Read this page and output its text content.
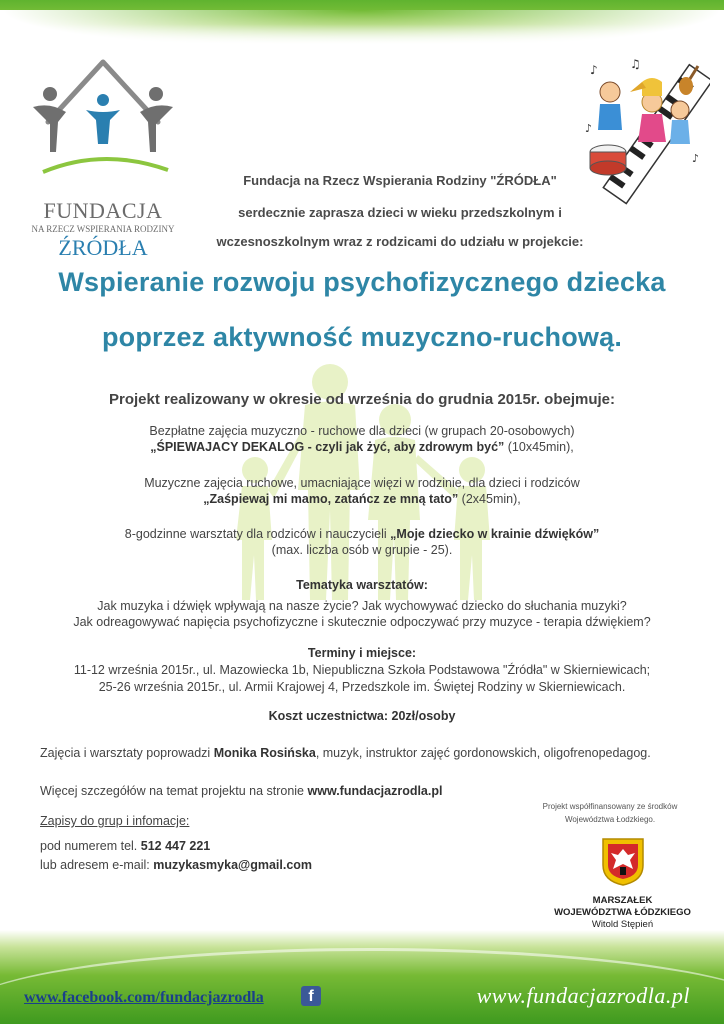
FUNDACJA
NA RZECZ WSPIERANIA RODZINY
ŹRÓDŁA
♪	♫
♪
♪
Fundacja na Rzecz Wspierania Rodziny "ŹRÓDŁA"
serdecznie zaprasza dzieci w wieku przedszkolnym i
wczesnoszkolnym wraz z rodzicami do udziału w projekcie:
Wspieranie rozwoju psychofizycznego dziecka
poprzez aktywność muzyczno-ruchową.
Projekt realizowany w okresie od września do grudnia 2015r. obejmuje:
Bezpłatne zajęcia muzyczno - ruchowe dla dzieci (w grupach 20-osobowych)
„ŚPIEWAJACY DEKALOG - czyli jak żyć, aby zdrowym być” (10x45min),
Muzyczne zajęcia ruchowe, umacniające więzi w rodzinie, dla dzieci i rodziców
„Zaśpiewaj mi mamo, zatańcz ze mną tato” (2x45min),
8-godzinne warsztaty dla rodziców i nauczycieli „Moje dziecko w krainie dźwięków”
(max. liczba osób w grupie - 25).
Tematyka warsztatów:
Jak muzyka i dźwięk wpływają na nasze życie? Jak wychowywać dziecko do słuchania muzyki?
Jak odreagowywać napięcia psychofizyczne i skutecznie odpoczywać przy muzyce - terapia dźwiękiem?
Terminy i miejsce:
11-12 września 2015r., ul. Mazowiecka 1b, Niepubliczna Szkoła Podstawowa "Źródła" w Skierniewicach;
25-26 września 2015r., ul. Armii Krajowej 4, Przedszkole im. Świętej Rodziny w Skierniewicach.
Koszt uczestnictwa: 20zł/osoby
Zajęcia i warsztaty poprowadzi Monika Rosińska, muzyk, instruktor zajęć gordonowskich, oligofrenopedagog.
Więcej szczegółów na temat projektu na stronie www.fundacjazrodla.pl
Zapisy do grup i infomacje:
pod numerem tel. 512 447 221
lub adresem e-mail: muzykasmyka@gmail.com
Projekt współfinansowany ze środków
Województwa Łodzkiego.
MARSZAŁEK
WOJEWÓDZTWA ŁÓDZKIEGO
Witold Stępień
www.facebook.com/fundacjazrodla	f	www.fundacjazrodla.pl
